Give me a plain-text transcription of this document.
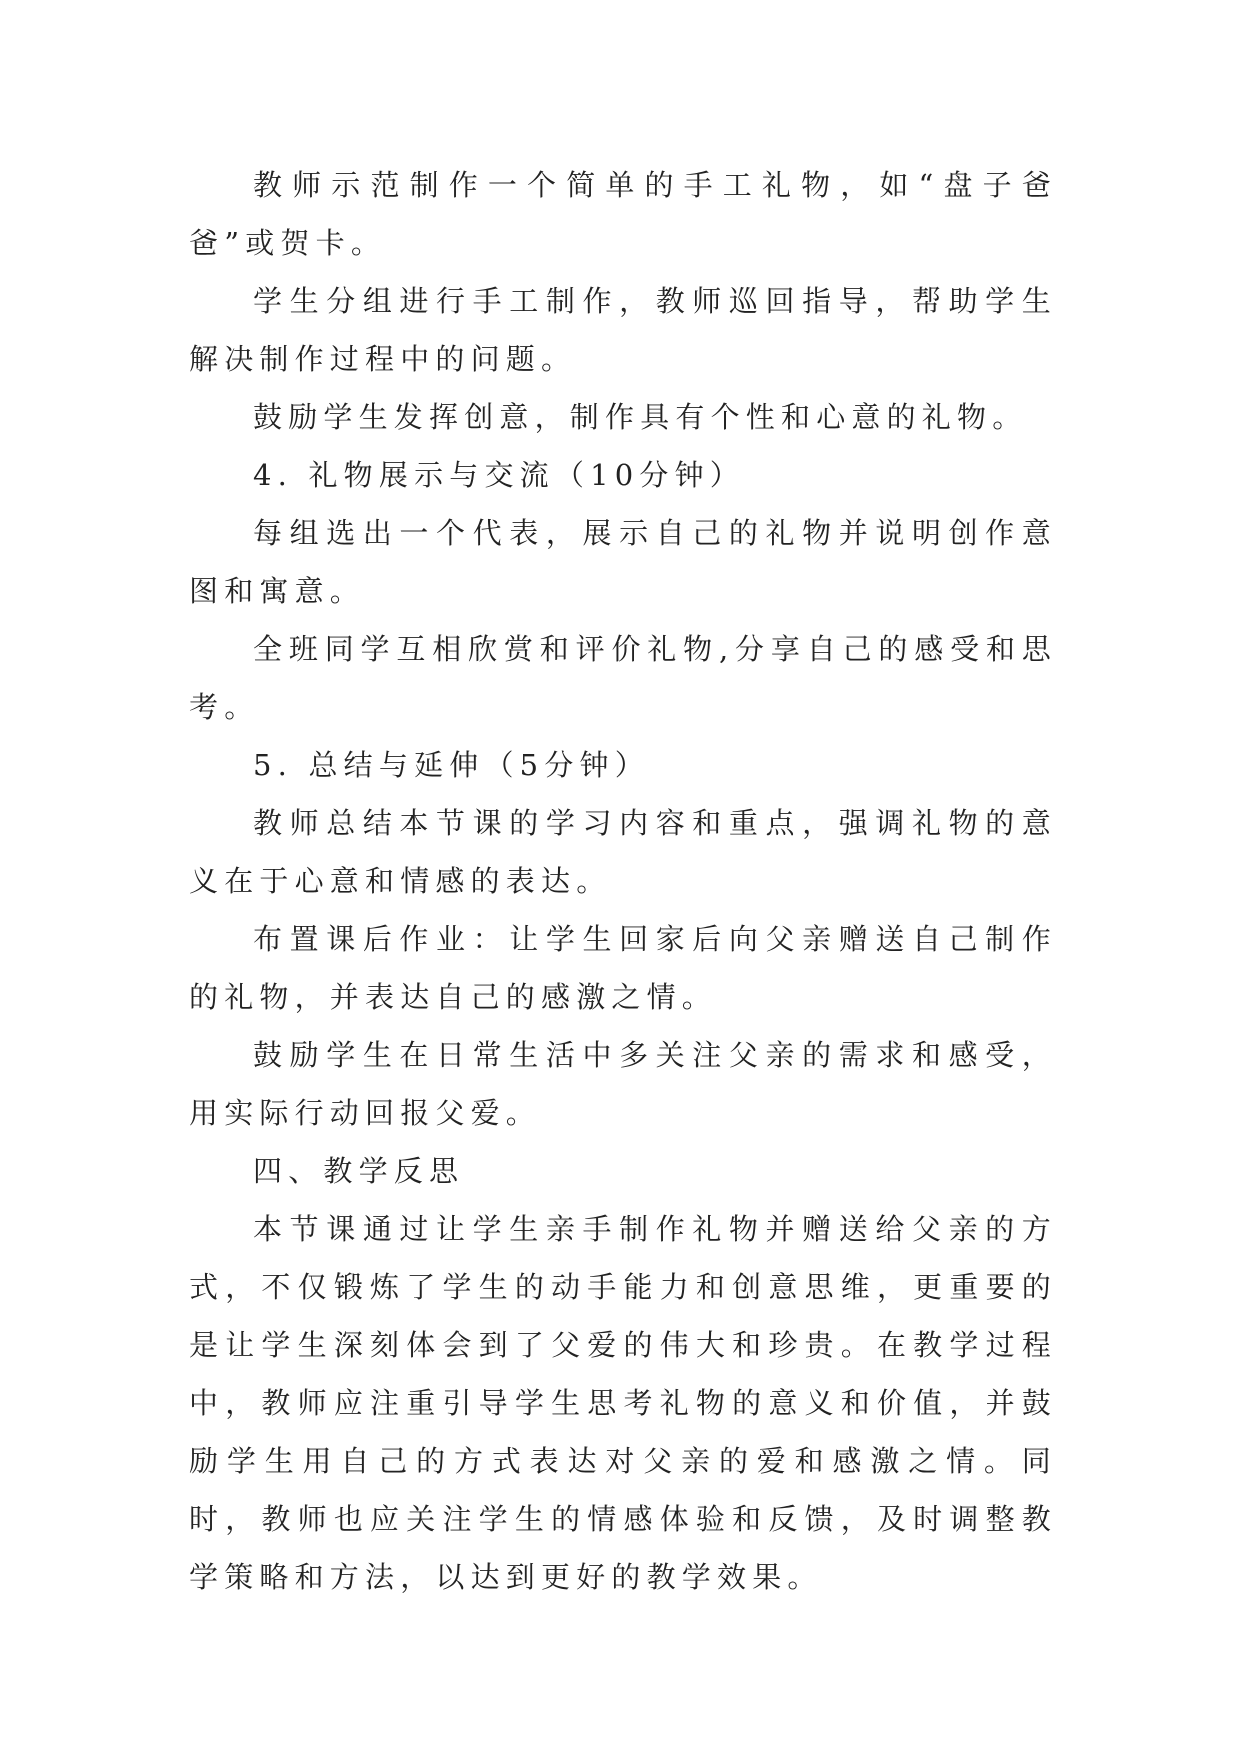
教师示范制作一个简单的手工礼物，如“盘子爸爸”或贺卡。

学生分组进行手工制作，教师巡回指导，帮助学生解决制作过程中的问题。

鼓励学生发挥创意，制作具有个性和心意的礼物。

4. 礼物展示与交流（10分钟）

每组选出一个代表，展示自己的礼物并说明创作意图和寓意。

全班同学互相欣赏和评价礼物,分享自己的感受和思考。

5. 总结与延伸（5分钟）

教师总结本节课的学习内容和重点，强调礼物的意义在于心意和情感的表达。

布置课后作业：让学生回家后向父亲赠送自己制作的礼物，并表达自己的感激之情。

鼓励学生在日常生活中多关注父亲的需求和感受，用实际行动回报父爱。

四、教学反思

本节课通过让学生亲手制作礼物并赠送给父亲的方式，不仅锻炼了学生的动手能力和创意思维，更重要的是让学生深刻体会到了父爱的伟大和珍贵。在教学过程中，教师应注重引导学生思考礼物的意义和价值，并鼓励学生用自己的方式表达对父亲的爱和感激之情。同时，教师也应关注学生的情感体验和反馈，及时调整教学策略和方法，以达到更好的教学效果。
